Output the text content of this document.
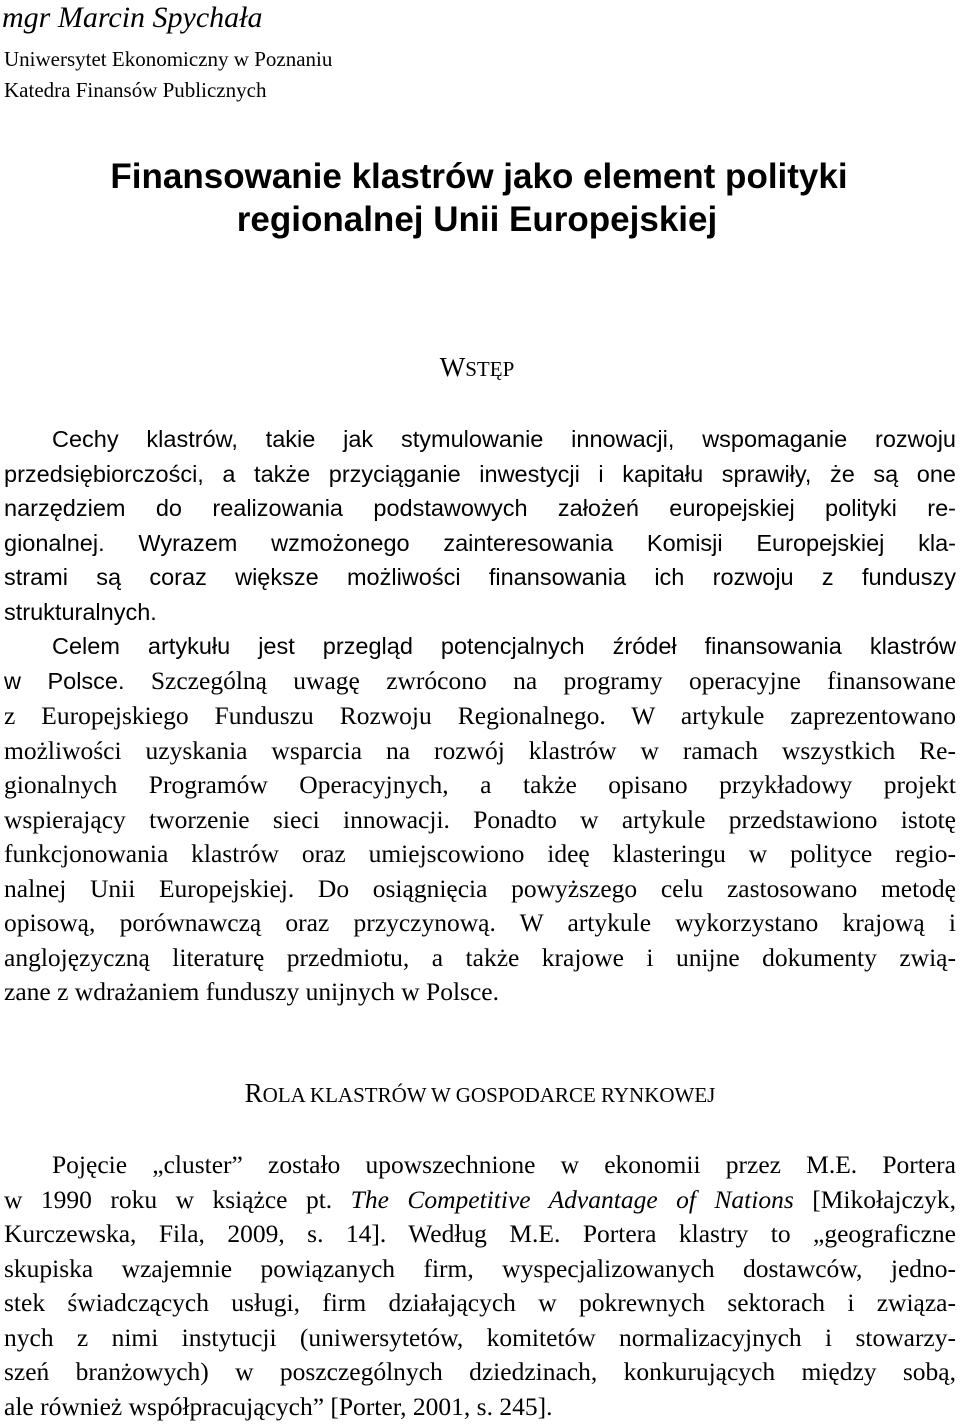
mgr Marcin Spychała
Uniwersytet Ekonomiczny w Poznaniu
Katedra Finansów Publicznych
Finansowanie klastrów jako element polityki
regionalnej Unii Europejskiej
WSTĘP
Cechy klastrów, takie jak stymulowanie innowacji, wspomaganie rozwoju
przedsiębiorczości, a także przyciąganie inwestycji i kapitału sprawiły, że są one
narzędziem do realizowania podstawowych założeń europejskiej polityki re-
gionalnej. Wyrazem wzmożonego zainteresowania Komisji Europejskiej kla-
strami są coraz większe możliwości finansowania ich rozwoju z funduszy
strukturalnych.
Celem artykułu jest przegląd potencjalnych źródeł finansowania klastrów
w Polsce. Szczególną uwagę zwrócono na programy operacyjne finansowane
z Europejskiego Funduszu Rozwoju Regionalnego. W artykule zaprezentowano
możliwości uzyskania wsparcia na rozwój klastrów w ramach wszystkich Re-
gionalnych Programów Operacyjnych, a także opisano przykładowy projekt
wspierający tworzenie sieci innowacji. Ponadto w artykule przedstawiono istotę
funkcjonowania klastrów oraz umiejscowiono ideę klasteringu w polityce regio-
nalnej Unii Europejskiej. Do osiągnięcia powyższego celu zastosowano metodę
opisową, porównawczą oraz przyczynową. W artykule wykorzystano krajową i
anglojęzyczną literaturę przedmiotu, a także krajowe i unijne dokumenty zwią-
zane z wdrażaniem funduszy unijnych w Polsce.
ROLA KLASTRÓW W GOSPODARCE RYNKOWEJ
Pojęcie „cluster” zostało upowszechnione w ekonomii przez M.E. Portera
w 1990 roku w książce pt. The Competitive Advantage of Nations [Mikołajczyk,
Kurczewska, Fila, 2009, s. 14]. Według M.E. Portera klastry to „geograficzne
skupiska wzajemnie powiązanych firm, wyspecjalizowanych dostawców, jedno-
stek świadczących usługi, firm działających w pokrewnych sektorach i związa-
nych z nimi instytucji (uniwersytetów, komitetów normalizacyjnych i stowarzy-
szeń branżowych) w poszczególnych dziedzinach, konkurujących między sobą,
ale również współpracujących” [Porter, 2001, s. 245].
